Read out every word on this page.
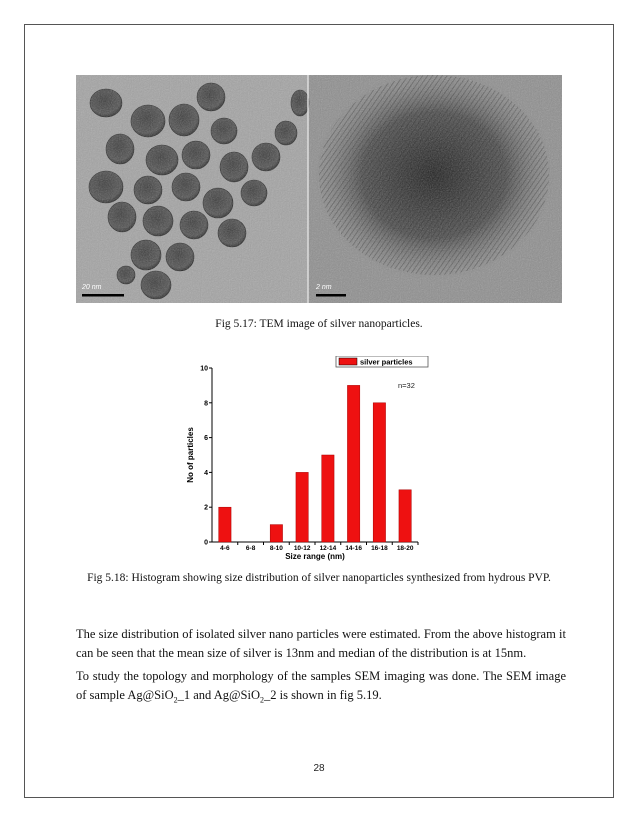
20 nm	2 nm
Fig 5.17: TEM image of silver nanoparticles.
0
2
4
6
8
10
4-6	6-8 8-10 10-12 12-14 14-16 16-18 18-20
Size range (nm)
No of particles
silver particles
n=32
Fig 5.18: Histogram showing size distribution of silver nanoparticles synthesized from hydrous PVP.

The size distribution of isolated silver nano particles were estimated. From the above histogram it can be seen that the mean size of silver is 13nm and median of the distribution is at 15nm.

To study the topology and morphology of the samples SEM imaging was done. The SEM image of sample Ag@SiO$_2$_1 and Ag@SiO$_2$_2 is shown in fig 5.19.

28
